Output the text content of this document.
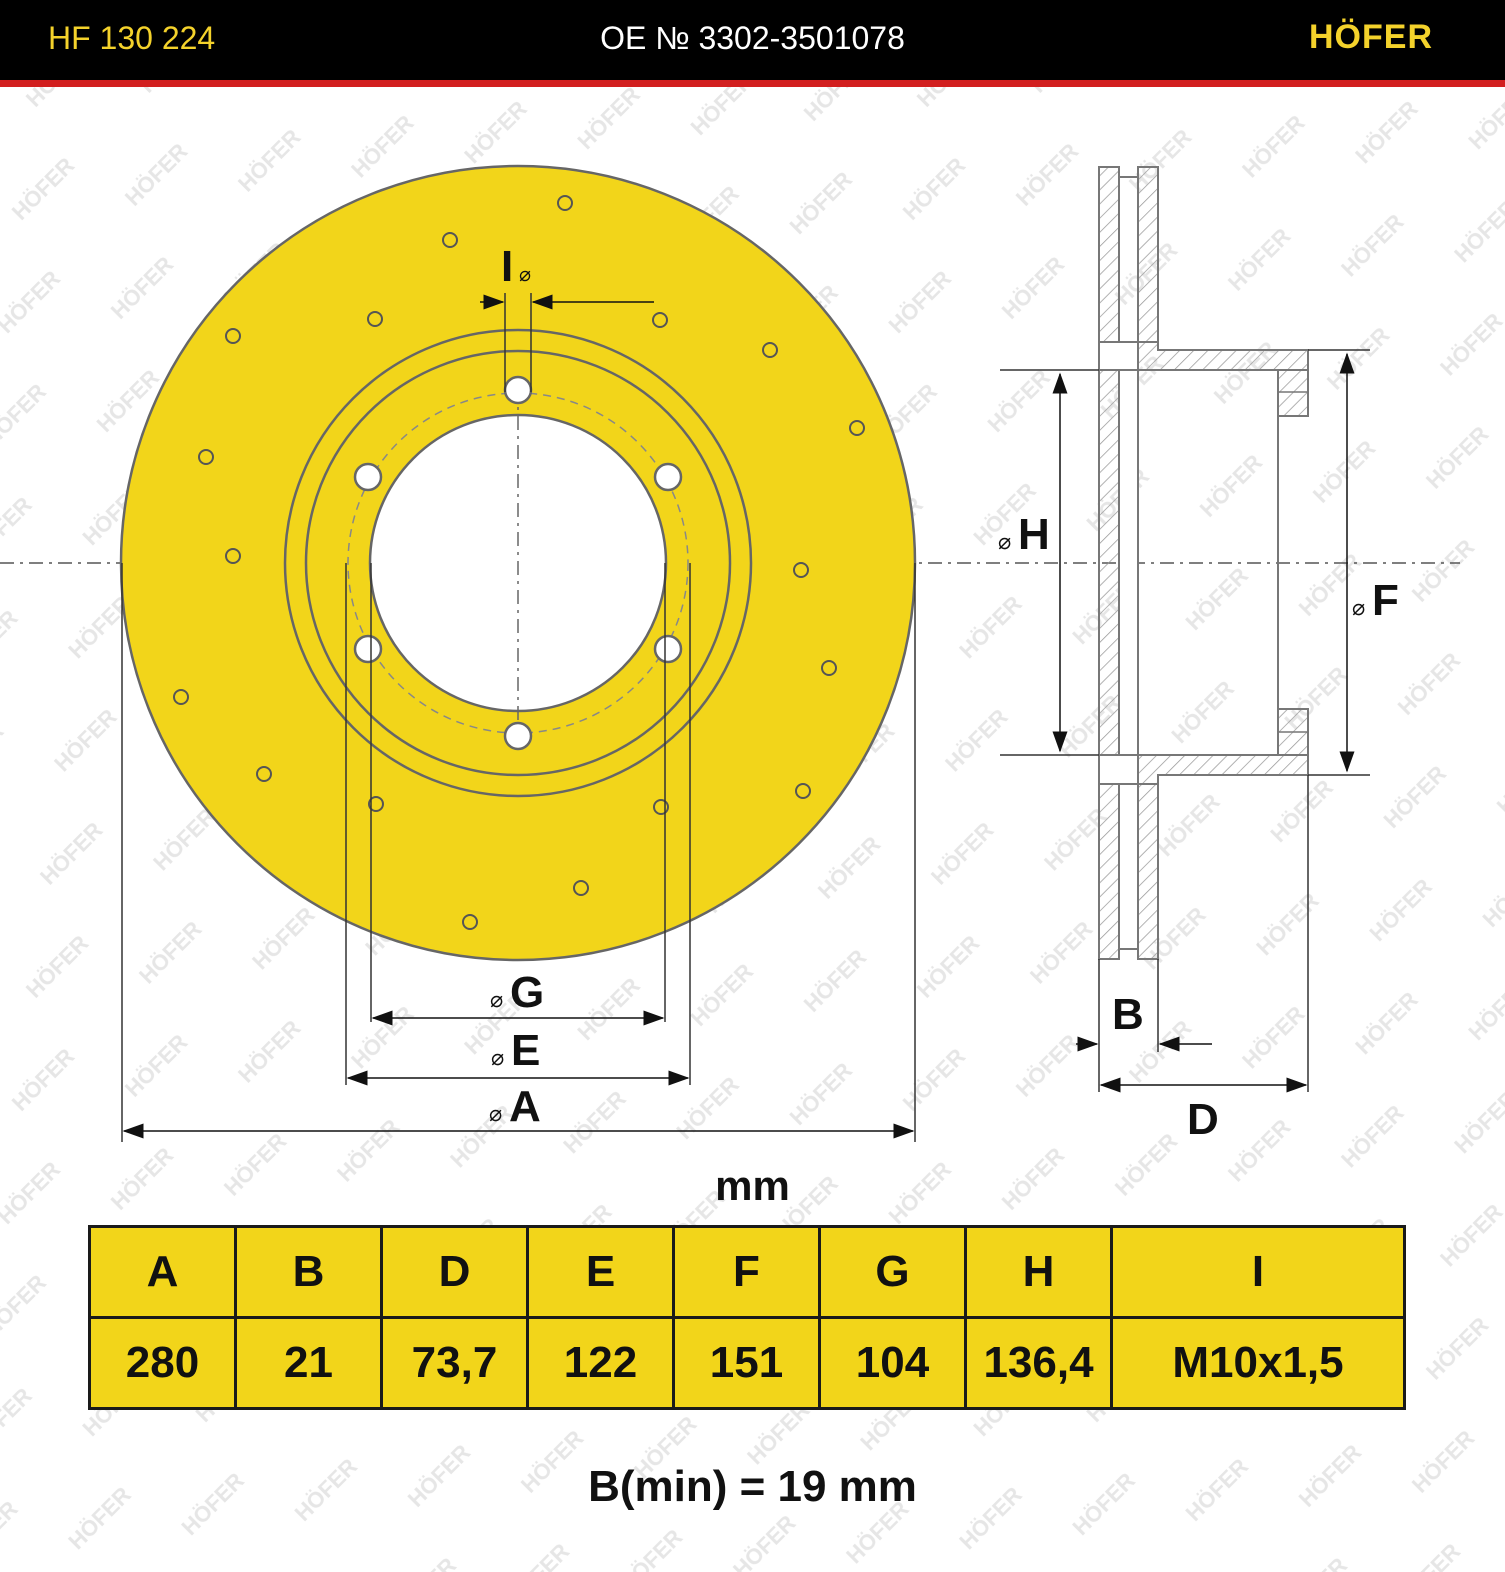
HF 130 224	OE № 3302-3501078	HÖFER
I ⌀
⌀ G
⌀ E
⌀ A
⌀ H
⌀ F
B
D
mm
A	B	D	E	F	G	H	I
280	21	73,7	122	151	104	136,4	M10x1,5
B(min) = 19 mm
